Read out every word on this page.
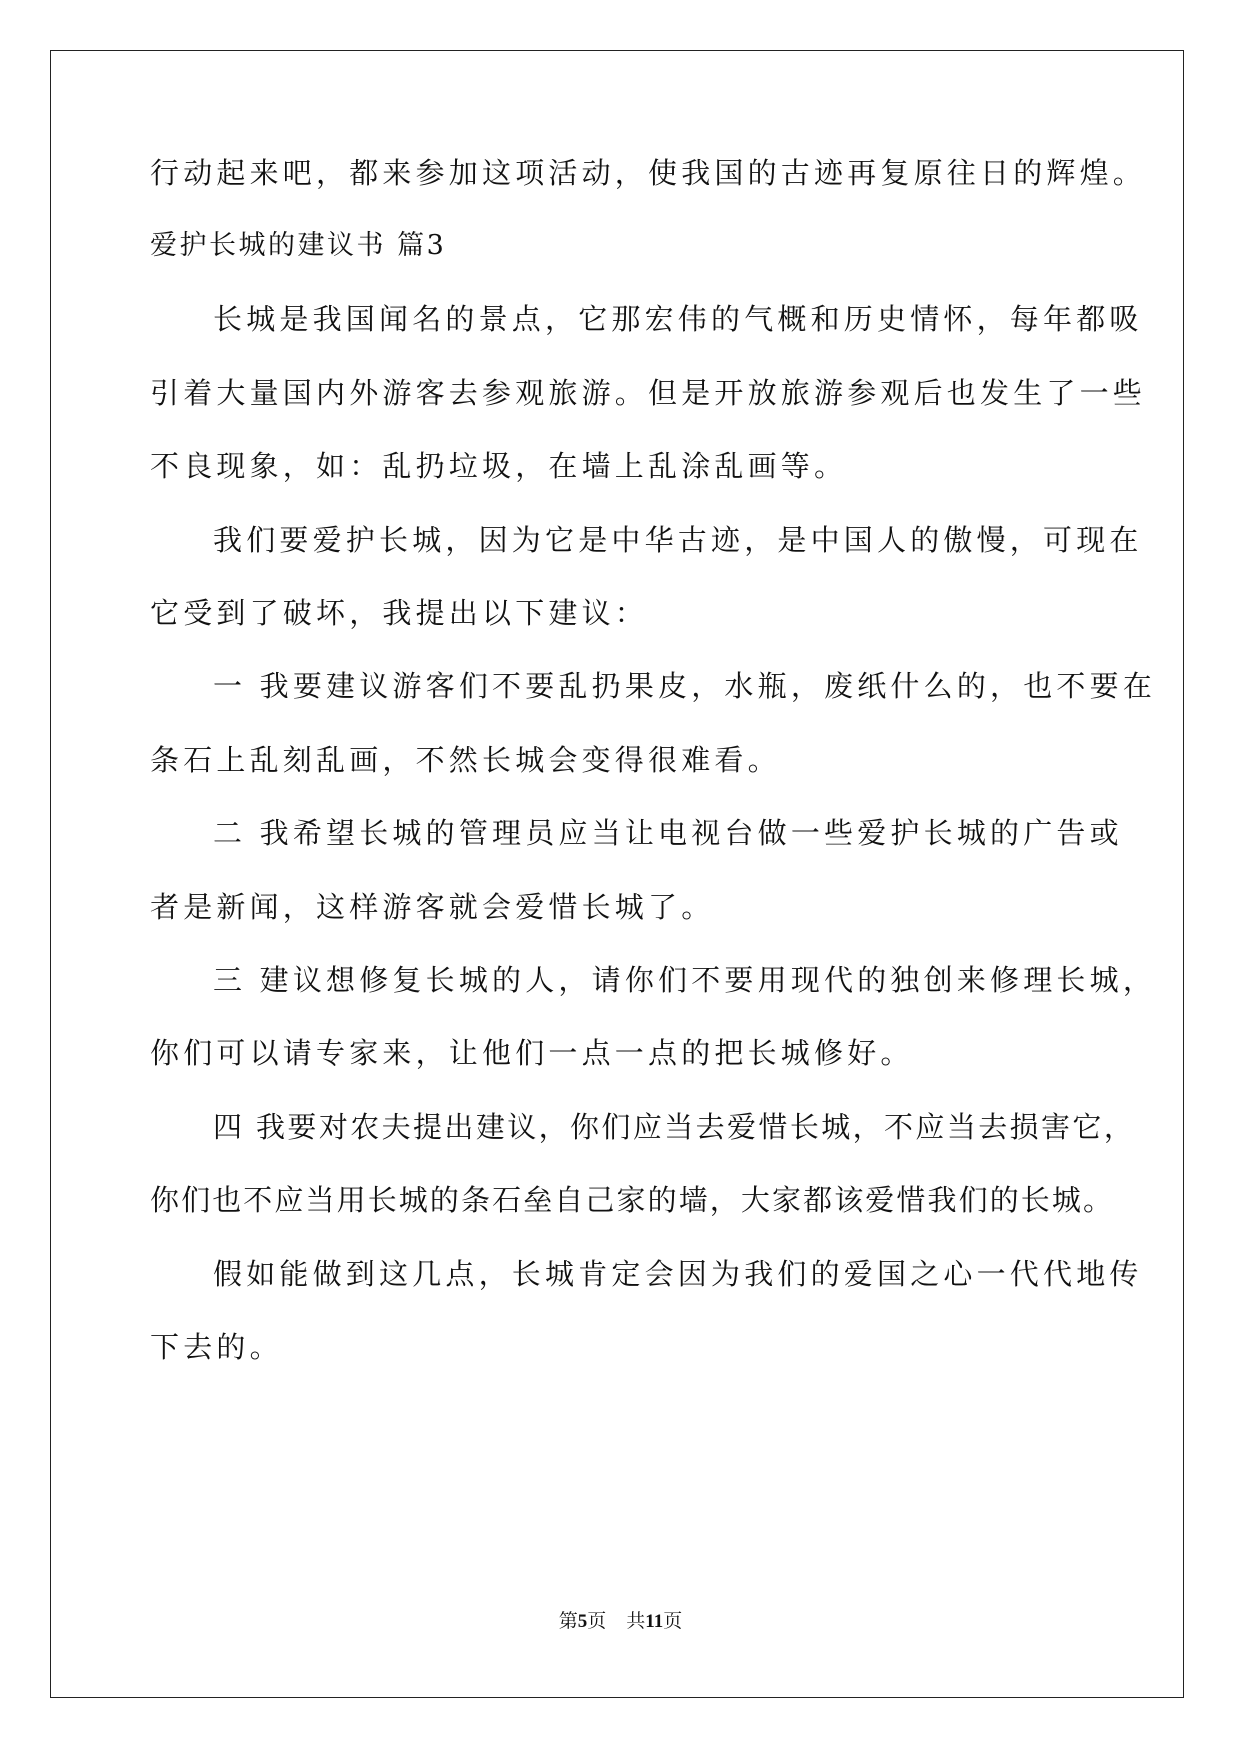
行动起来吧，都来参加这项活动，使我国的古迹再复原往日的辉煌。
爱护长城的建议书 篇3
长城是我国闻名的景点，它那宏伟的气概和历史情怀，每年都吸
引着大量国内外游客去参观旅游。但是开放旅游参观后也发生了一些
不良现象，如：乱扔垃圾，在墙上乱涂乱画等。
我们要爱护长城，因为它是中华古迹，是中国人的傲慢，可现在
它受到了破坏，我提出以下建议：
一 我要建议游客们不要乱扔果皮，水瓶，废纸什么的，也不要在
条石上乱刻乱画，不然长城会变得很难看。
二 我希望长城的管理员应当让电视台做一些爱护长城的广告或
者是新闻，这样游客就会爱惜长城了。
三 建议想修复长城的人，请你们不要用现代的独创来修理长城，
你们可以请专家来，让他们一点一点的把长城修好。
四 我要对农夫提出建议，你们应当去爱惜长城，不应当去损害它，
你们也不应当用长城的条石垒自己家的墙，大家都该爱惜我们的长城。
假如能做到这几点，长城肯定会因为我们的爱国之心一代代地传
下去的。
第5页 共11页
